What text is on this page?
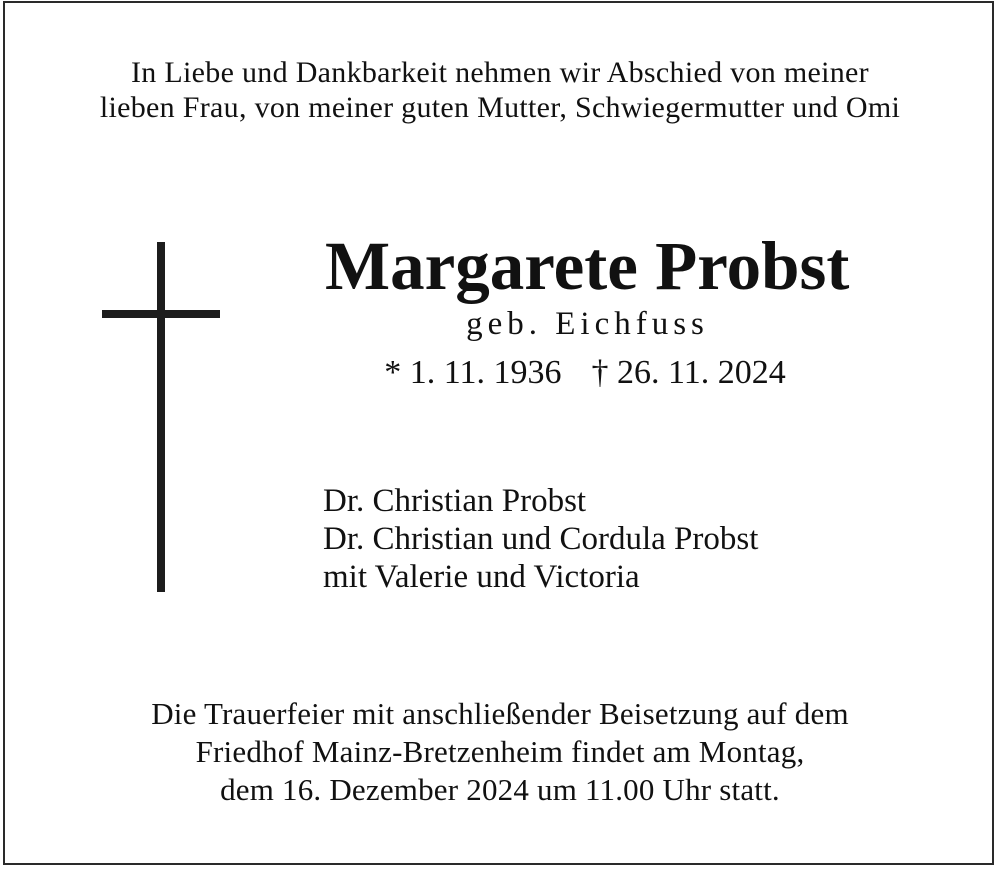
In Liebe und Dankbarkeit nehmen wir Abschied von meiner
lieben Frau, von meiner guten Mutter, Schwiegermutter und Omi
Margarete Probst
geb. Eichfuss
* 1. 11. 1936 † 26. 11. 2024
Dr. Christian Probst
Dr. Christian und Cordula Probst
mit Valerie und Victoria
Die Trauerfeier mit anschließender Beisetzung auf dem
Friedhof Mainz-Bretzenheim findet am Montag,
dem 16. Dezember 2024 um 11.00 Uhr statt.
